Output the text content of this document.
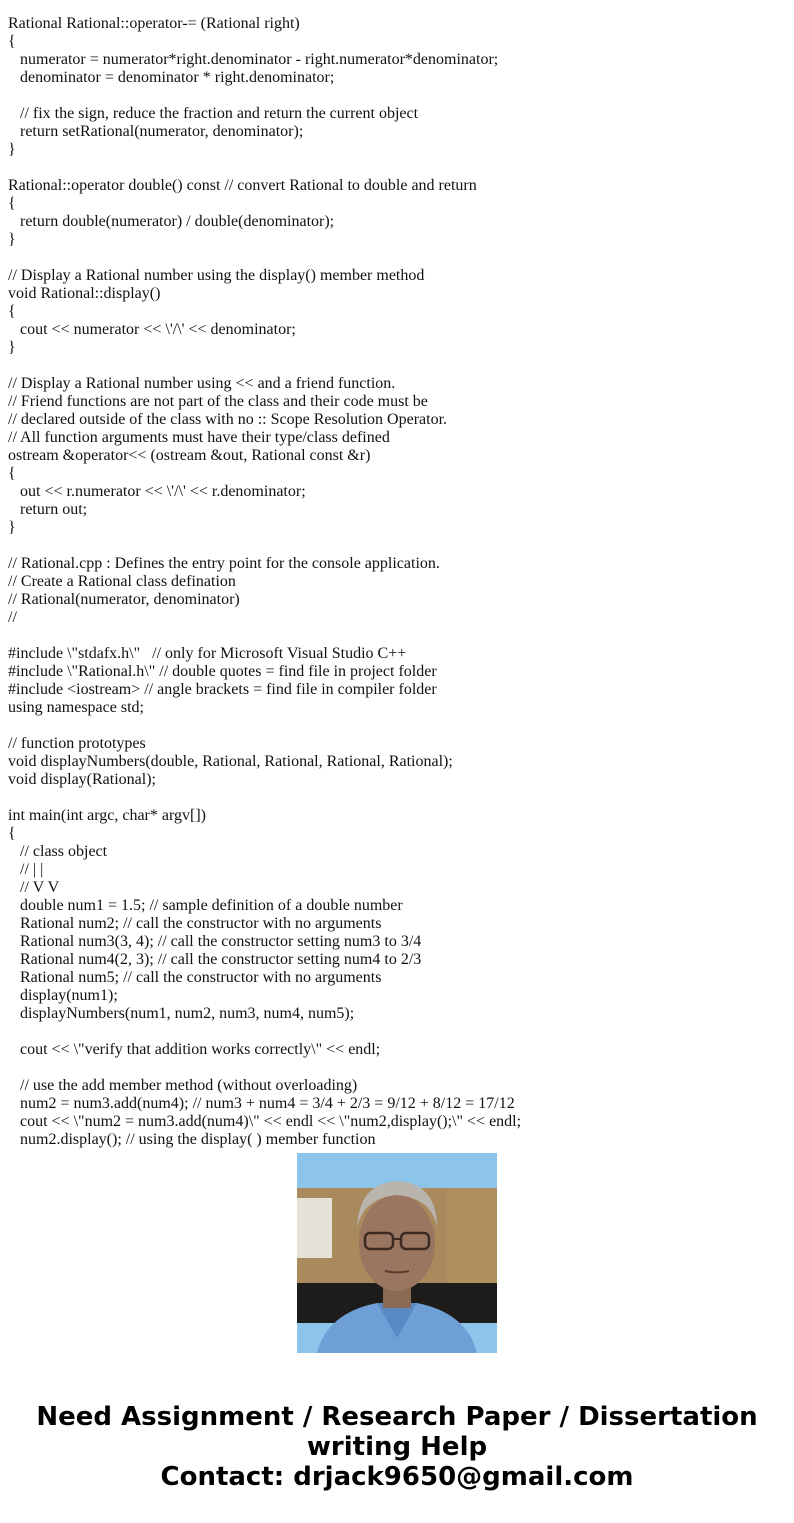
Rational Rational::operator-= (Rational right)
{
numerator = numerator*right.denominator - right.numerator*denominator;
denominator = denominator * right.denominator;
// fix the sign, reduce the fraction and return the current object
return setRational(numerator, denominator);
}
Rational::operator double() const // convert Rational to double and return
{
return double(numerator) / double(denominator);
}
// Display a Rational number using the display() member method
void Rational::display()
{
cout << numerator << \'/\' << denominator;
}
// Display a Rational number using << and a friend function.
// Friend functions are not part of the class and their code must be
// declared outside of the class with no :: Scope Resolution Operator.
// All function arguments must have their type/class defined
ostream &operator<< (ostream &out, Rational const &r)
{
out << r.numerator << \'/\' << r.denominator;
return out;
}
// Rational.cpp : Defines the entry point for the console application.
// Create a Rational class defination
// Rational(numerator, denominator)
//
#include \"stdafx.h\"   // only for Microsoft Visual Studio C++
#include \"Rational.h\" // double quotes = find file in project folder
#include <iostream> // angle brackets = find file in compiler folder
using namespace std;
// function prototypes
void displayNumbers(double, Rational, Rational, Rational, Rational);
void display(Rational);
int main(int argc, char* argv[])
{
// class object
// | |
// V V
double num1 = 1.5; // sample definition of a double number
Rational num2; // call the constructor with no arguments
Rational num3(3, 4); // call the constructor setting num3 to 3/4
Rational num4(2, 3); // call the constructor setting num4 to 2/3
Rational num5; // call the constructor with no arguments
display(num1);
displayNumbers(num1, num2, num3, num4, num5);
cout << \"verify that addition works correctly\" << endl;
// use the add member method (without overloading)
num2 = num3.add(num4); // num3 + num4 = 3/4 + 2/3 = 9/12 + 8/12 = 17/12
cout << \"num2 = num3.add(num4)\" << endl << \"num2,display();\" << endl;
num2.display(); // using the display( ) member function
Need Assignment / Research Paper / Dissertation
writing Help
Contact: drjack9650@gmail.com
